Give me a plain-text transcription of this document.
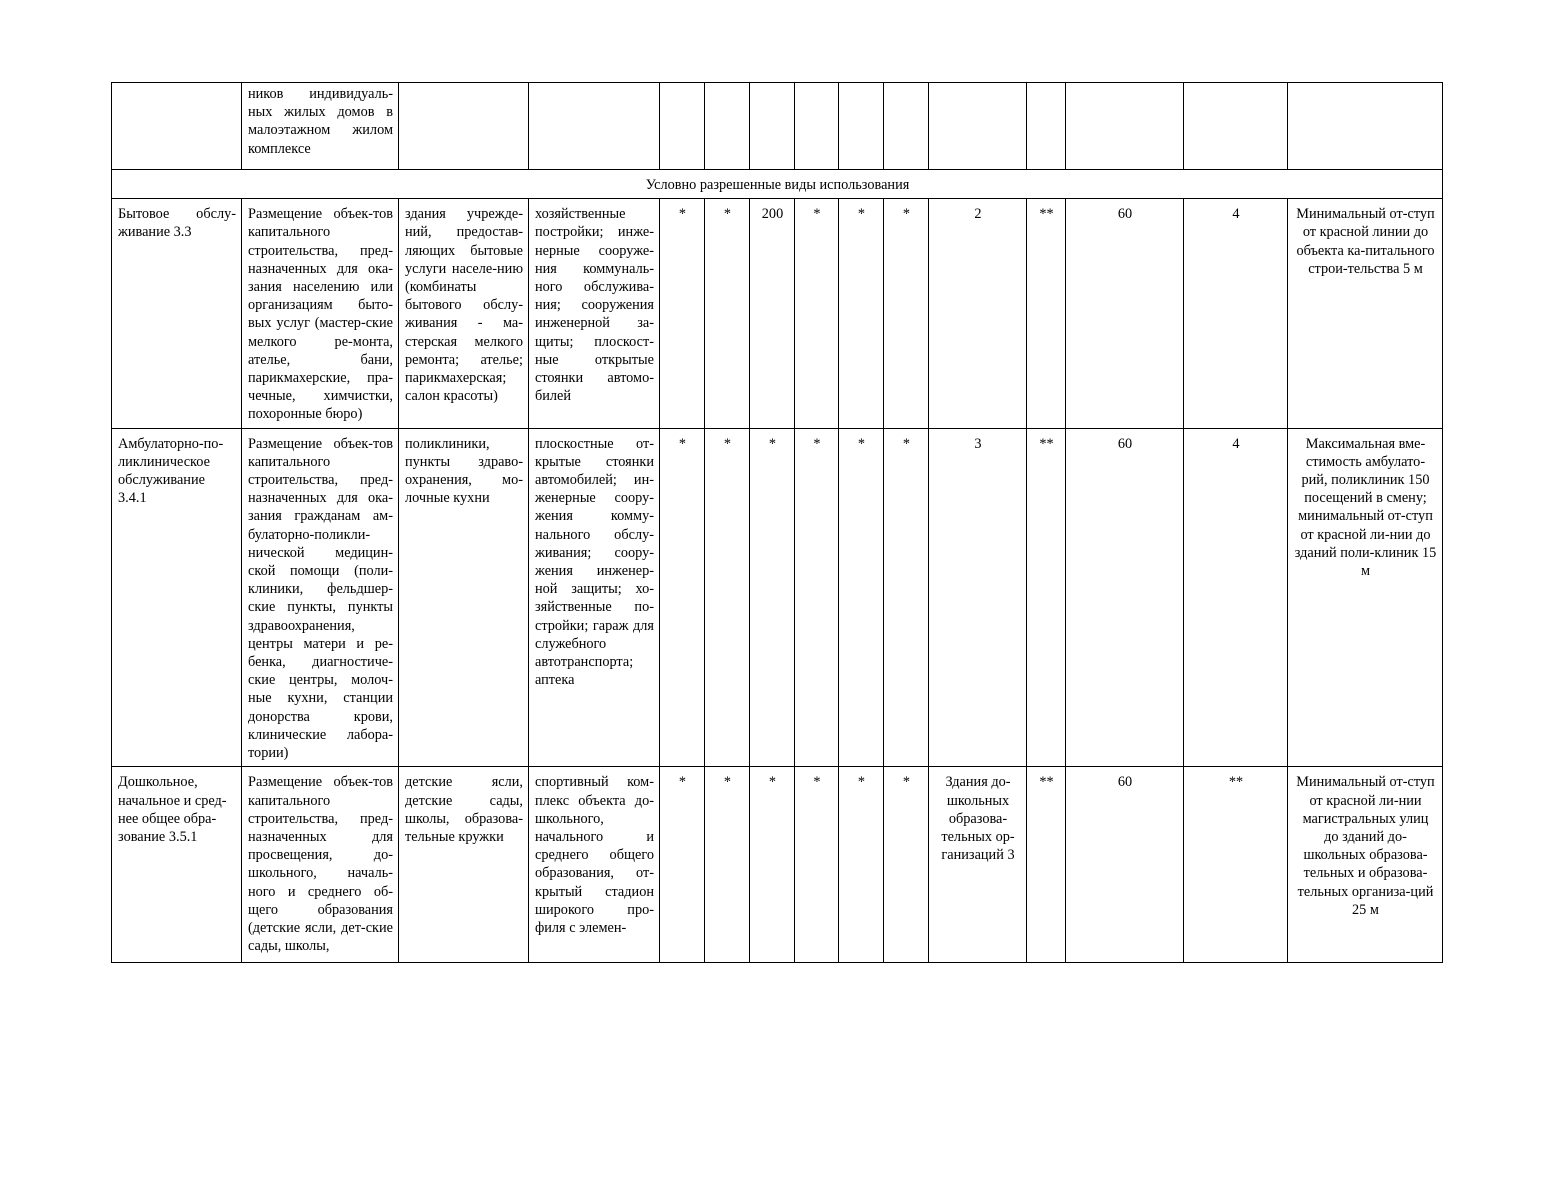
	ников индивидуаль-ных жилых домов в малоэтажном жилом комплексе													
Условно разрешенные виды использования														
Бытовое обслу-живание 3.3	Размещение объек-тов капитального строительства, пред-назначенных для ока-зания населению или организациям быто-вых услуг (мастер-ские мелкого ре-монта, ателье, бани, парикмахерские, пра-чечные, химчистки, похоронные бюро)	здания учрежде-ний, предостав-ляющих бытовые услуги населе-нию (комбинаты бытового обслу-живания - ма-стерская мелкого ремонта; ателье; парикмахерская; салон красоты)	хозяйственные постройки; инже-нерные сооруже-ния коммуналь-ного обслужива-ния; сооружения инженерной за-щиты; плоскост-ные открытые стоянки автомо-билей	*	*	200	*	*	*	2	**	60	4	Минимальный от-ступ от красной линии до объекта ка-питального строи-тельства 5 м
Амбулаторно-по-ликлиническое обслуживание 3.4.1	Размещение объек-тов капитального строительства, пред-назначенных для ока-зания гражданам ам-булаторно-поликли-нической медицин-ской помощи (поли-клиники, фельдшер-ские пункты, пункты здравоохранения, центры матери и ре-бенка, диагностиче-ские центры, молоч-ные кухни, станции донорства крови, клинические лабора-тории)	поликлиники, пункты здраво-охранения, мо-лочные кухни	плоскостные от-крытые стоянки автомобилей; ин-женерные соору-жения комму-нального обслу-живания; соору-жения инженер-ной защиты; хо-зяйственные по-стройки; гараж для служебного автотранспорта; аптека	*	*	*	*	*	*	3	**	60	4	Максимальная вме-стимость амбулато-рий, поликлиник 150 посещений в смену; минимальный от-ступ от красной ли-нии до зданий поли-клиник 15 м
Дошкольное, начальное и сред-нее общее обра-зование 3.5.1	Размещение объек-тов капитального строительства, пред-назначенных для просвещения, до-школьного, началь-ного и среднего об-щего образования (детские ясли, дет-ские сады, школы,	детские ясли, детские сады, школы, образова-тельные кружки	спортивный ком-плекс объекта до-школьного, начального и среднего общего образования, от-крытый стадион широкого про-филя с элемен-	*	*	*	*	*	*	Здания до-школьных образова-тельных ор-ганизаций 3	**	60	**	Минимальный от-ступ от красной ли-нии магистральных улиц до зданий до-школьных образова-тельных и образова-тельных организа-ций 25 м
